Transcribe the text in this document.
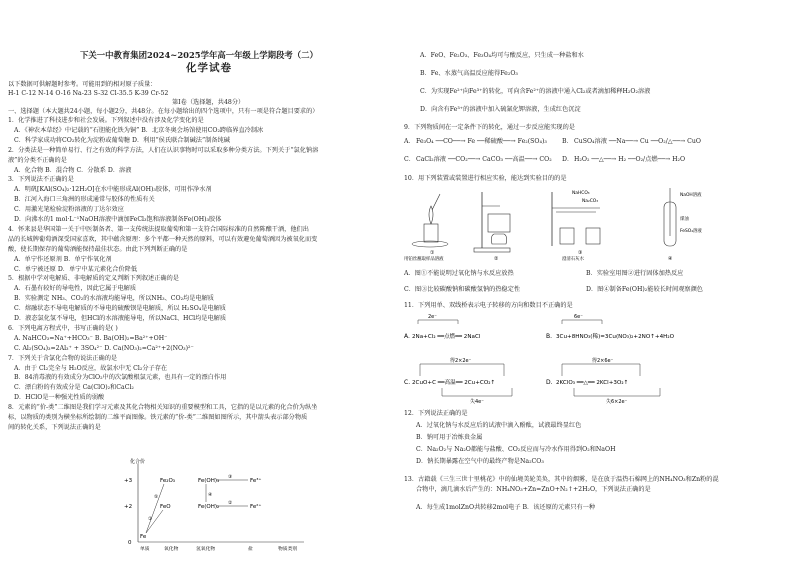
下关一中教育集团2024~2025学年高一年级上学期段考（二）
化学试卷
以下数据可供解题时参考。可能用到的相对原子质量：
H-1 C-12 N-14 O-16 Na-23 S-32 Cl-35.5 K-39 Cr-52
第Ⅰ卷（选择题，共48分）
一、选择题（本大题共24小题，每小题2分，共48分。在每小题给出的四个选项中，只有一项是符合题目要求的）
1．化学推进了科技进步和社会发展。下列叙述中没有涉及化学变化的是
A．《神农本草经》中记载的“石胆能化铁为铜” B．北京冬奥会场馆使用CO₂跨临界直冷制冰
C．科学家成功将CO₂转化为淀粉或葡萄糖 D．利用“侯氏联合制碱法”制备纯碱
2．分类法是一种简单易行、行之有效的科学方法，人们在认识事物时可以采取多种分类方法。下列关于“氯化钠溶
液”的分类不正确的是
A．化合物 B．混合物 C．分散系 D．溶液
3．下列说法不正确的是
A．明矾[KAl(SO₄)₂·12H₂O]在水中能形成Al(OH)₃胶体，可用作净水剂
B．江河入海口三角洲的形成通常与胶体的性质有关
C．用激光笔检验淀粉溶液的丁达尔效应
D．向沸水的1 mol·L⁻¹NaOH溶液中滴加FeCl₃饱和溶液制备Fe(OH)₃胶体
4．怀来县是华国第一关于中医制备者、第一支传统法提取葡萄和第一支符合国际标准的自然陈酿干酒，他们出
品的长城牌葡萄酒深受国家喜欢，其中蕴含原理：多个平都一种天然的原料，可以有效避免葡萄酒因为被氧化而变
酸，使长期保存的葡萄酒能保持最佳状态。由此下列判断正确的是
A．单宁作还原剂 B．单宁作氧化剂
C．单宁被还原 D．单宁中某元素化合价降低
5．根据中学对电解质、非电解质的定义判断下列叙述正确的是
A．石墨有较好的导电性，因此它属于电解质
B．实验测定 NH₃、CO₂的水溶液均能导电，所以NH₃、CO₂均是电解质
C．熔融状态不导电电解质的不导电的硫酸钡是电解质，所以 H₂SO₄是电解质
D．液态氯化氢不导电，但HCl的水溶液能导电，所以NaCl、HCl均是电解质
6．下列电离方程式中，书写正确的是( )
A. NaHCO₃=Na⁺+HCO₃⁻ B. Ba(OH)₂=Ba²⁺+OH⁻
C. Al₂(SO₄)₃=2Al₃⁺ + 3SO₄²⁻ D. Ca(NO₃)₂=Ca²⁺+2(NO₃)²⁻
7．下列关于含氯化合物的说法正确的是
A．由于 Cl₂完全与 H₂O反应，故氯水中无 Cl₂分子存在
B．84消毒液的有效成分为ClO₂中的次氯酸根氯元素，也具有一定的漂白作用
C．漂白粉的有效成分是 Ca(ClO)₂和CaCl₂
D．HClO是一种强光性质的弱酸
8．元素的“价-类”二维图是我们学习元素及其化合物相关知识的重要模型和工具，它指的是以元素的化合价为纵坐
标，以物质的类别为横坐标所绘制的二维平面图像。铁元素的“价-类”二维图如图所示，其中箭头表示部分物质
间的转化关系，下列说法正确的是
化合价
+3
+2
0
单质	氧化物	氢氧化物	盐	物质类别
Fe
FeO
Fe₂O₃
Fe(OH)₂
Fe(OH)₃
Fe²⁺
Fe³⁺
①
②
③
④
⑤
A．FeO、Fe₂O₃、Fe₃O₄均可与酸反应，只生成一种盐和水
B．Fe、水蒸气高温反应能得Fe₂O₃
C．为实现Fe²⁺向Fe³⁺的转化，可向含Fe²⁺的溶液中通入Cl₂或者滴加稀释H₂O₂溶液
D．向含有Fe³⁺的溶液中加入硫氰化钾溶液，生成红色沉淀
9．下列物质间在一定条件下的转化，通过一步反应能实现的是
A． Fe₃O₄ ──CO──→ Fe ──稀硫酸──→ Fe₂(SO₄)₃ B． CuSO₄溶液 ──Na──→ Cu ──O₂/△──→ CuO
C． CaCl₂溶液 ──CO₂──→ CaCO₃ ──高温──→ CO₂ D． H₂O₂ ──△──→ H₂ ──O₂/点燃──→ H₂O
10．用下列装置或装置进行相应实验，能达到实验目的的是
用铂丝蘸取样品溶液
NaHCO₃
Na₂CO₃
澄清石灰水
NaOH溶液
煤油
FeSO₄溶液
①
②
③
④
A．图①不能说明过氧化钠与水反应放热	B．实验室用图②进行固体加热反应
C．图③比较碳酸钠和碳酸氢钠的热稳定性	D．图④制备Fe(OH)₂能较长时间观察颜色
11．下列用单、双线桥表示电子转移的方向和数目不正确的是
A.
2e⁻
2Na+Cl₂ ══点燃══ 2NaCl	B.
6e⁻
3Cu+8HNO₃(稀)=3Cu(NO₃)₂+2NO↑+4H₂O
C.
得2×2e⁻
2CuO+C ══高温══ 2Cu+CO₂↑
失4e⁻
D.
得2×6e⁻
2KClO₃ ══△══ 2KCl+3O₂↑
失6×2e⁻
12．下列说法正确的是
A．过氧化钠与水反应后的试液中滴入酚酞，试液最终显红色
B．钠可用于冶炼贵金属
C．Na₂O₂与 Na₂O都能与盐酸、CO₂反应而与冷水作用得到O₂和NaOH
D．钠长期暴露在空气中的最终产物是Na₂CO₃
13．古籍载《三生三世十里桃花》中的仙境美轮美奂，其中的烟雾，是在放于温热石棉网上的NH₄NO₃和Zn粉的混
合物中，滴几滴水后产生的：NH₄NO₃+Zn=ZnO+N₂↑+2H₂O，下列说法正确的是
A．每生成1molZnO共转移2mol电子 B．该还原的元素只有一种
